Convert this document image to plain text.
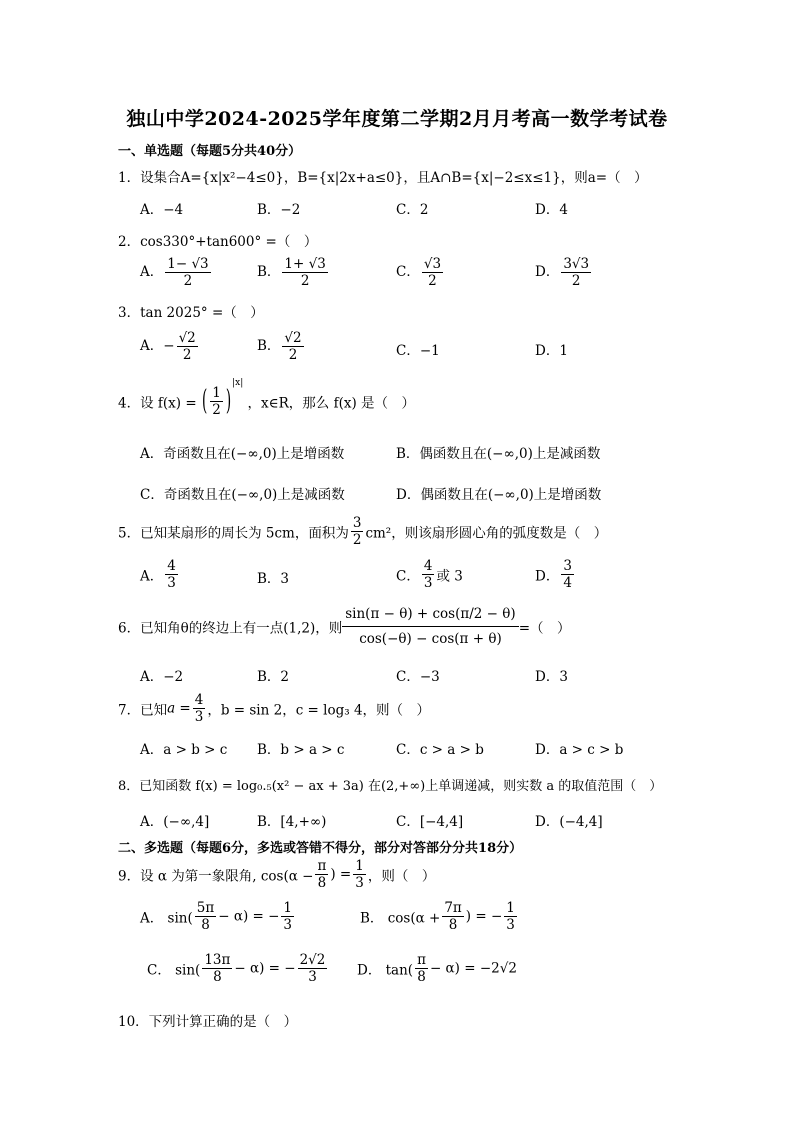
独山中学2024-2025学年度第二学期2月月考高一数学考试卷
一、单选题（每题5分共40分）
1．设集合A={x|x²−4≤0}，B={x|2x+a≤0}，且A∩B={x|−2≤x≤1}，则a=（　）
A．−4	B．−2	C．2	D．4
2．cos330°+tan600° =（　）
A． $\frac{1- √3}{2}$	B． $\frac{1+ √3}{2}$	C． $\frac{√3}{2}$	D． $\frac{3√3}{2}$
3．tan 2025° =（　）
A．− $\frac{√2}{2}$	B． $\frac{√2}{2}$	C．−1	D．1
4．设 f(x) = ( $\frac{1}{2} )^{|x|}$ ，x∈R，那么 f(x) 是（　）
A．奇函数且在(−∞,0)上是增函数	B．偶函数且在(−∞,0)上是减函数
C．奇函数且在(−∞,0)上是减函数	D．偶函数且在(−∞,0)上是增函数
5．已知某扇形的周长为 5cm，面积为 $\frac{3}{2} cm^2$，则该扇形圆心角的弧度数是（　）
A． $\frac{4}{3}$	B．3	C． $\frac{4}{3}$ 或 3	D． $\frac{3}{4}$
6．已知角θ的终边上有一点(1,2)，则 $\frac{\sin(\pi - \theta) + \cos(\pi/2 - \theta)}{\cos(-\theta) - \cos(\pi + \theta)}$ =（　）
A．−2	B．2	C．−3	D．3
7．已知$a = \frac{4}{3}$ ，b = sin 2，c = log₃ 4，则（　）
A．a > b > c B．b > a > c	C．c > a > b	D．a > c > b
8．已知函数 f(x) = log₀.₅(x² − ax + 3a) 在(2,+∞)上单调递减，则实数 a 的取值范围（　）
A．(−∞,4]	B．[4,+∞)	C．[−4,4]	D．(−4,4]
二、多选题（每题6分，多选或答错不得分，部分对答部分分共18分）
9．设 α 为第一象限角, $\cos(\alpha - \frac{\pi}{8}$ ) = $\frac{1}{3}$ ，则（　）
A． $\sin( \frac{5\pi}{8} - \alpha)$ = − $\frac{1}{3}$	B． $\cos(\alpha + \frac{7\pi}{8}$ ) = − $\frac{1}{3}$
C． $\sin( \frac{13\pi}{8} - \alpha)$ = − $\frac{2√2}{3}$ D． $\tan( \frac{\pi}{8} - \alpha) = -2√2$
10．下列计算正确的是（　）
